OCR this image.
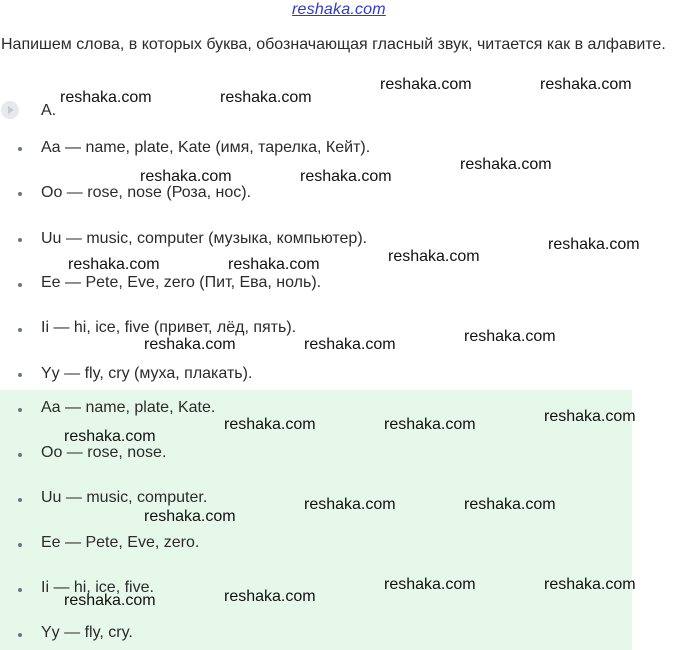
reshaka.com
Напишем слова, в которых буква, обозначающая гласный звук, читается как в алфавите.
А.
Aa — name, plate, Kate (имя, тарелка, Кейт).
Oo — rose, nose (Роза, нос).
Uu — music, computer (музыка, компьютер).
Ee — Pete, Eve, zero (Пит, Ева, ноль).
Ii — hi, ice, five (привет, лёд, пять).
Yy — fly, cry (муха, плакать).
Aa — name, plate, Kate.
Oo — rose, nose.
Uu — music, computer.
Ee — Pete, Eve, zero.
Ii — hi, ice, five.
Yy — fly, cry.
reshaka.com	reshaka.com
reshaka.com	reshaka.com
reshaka.com
reshaka.com	reshaka.com
reshaka.com
reshaka.com
reshaka.com	reshaka.com
reshaka.com
reshaka.com	reshaka.com
reshaka.com
reshaka.com	reshaka.com
reshaka.com
reshaka.com	reshaka.com
reshaka.com
reshaka.com	reshaka.com
reshaka.com
reshaka.com
